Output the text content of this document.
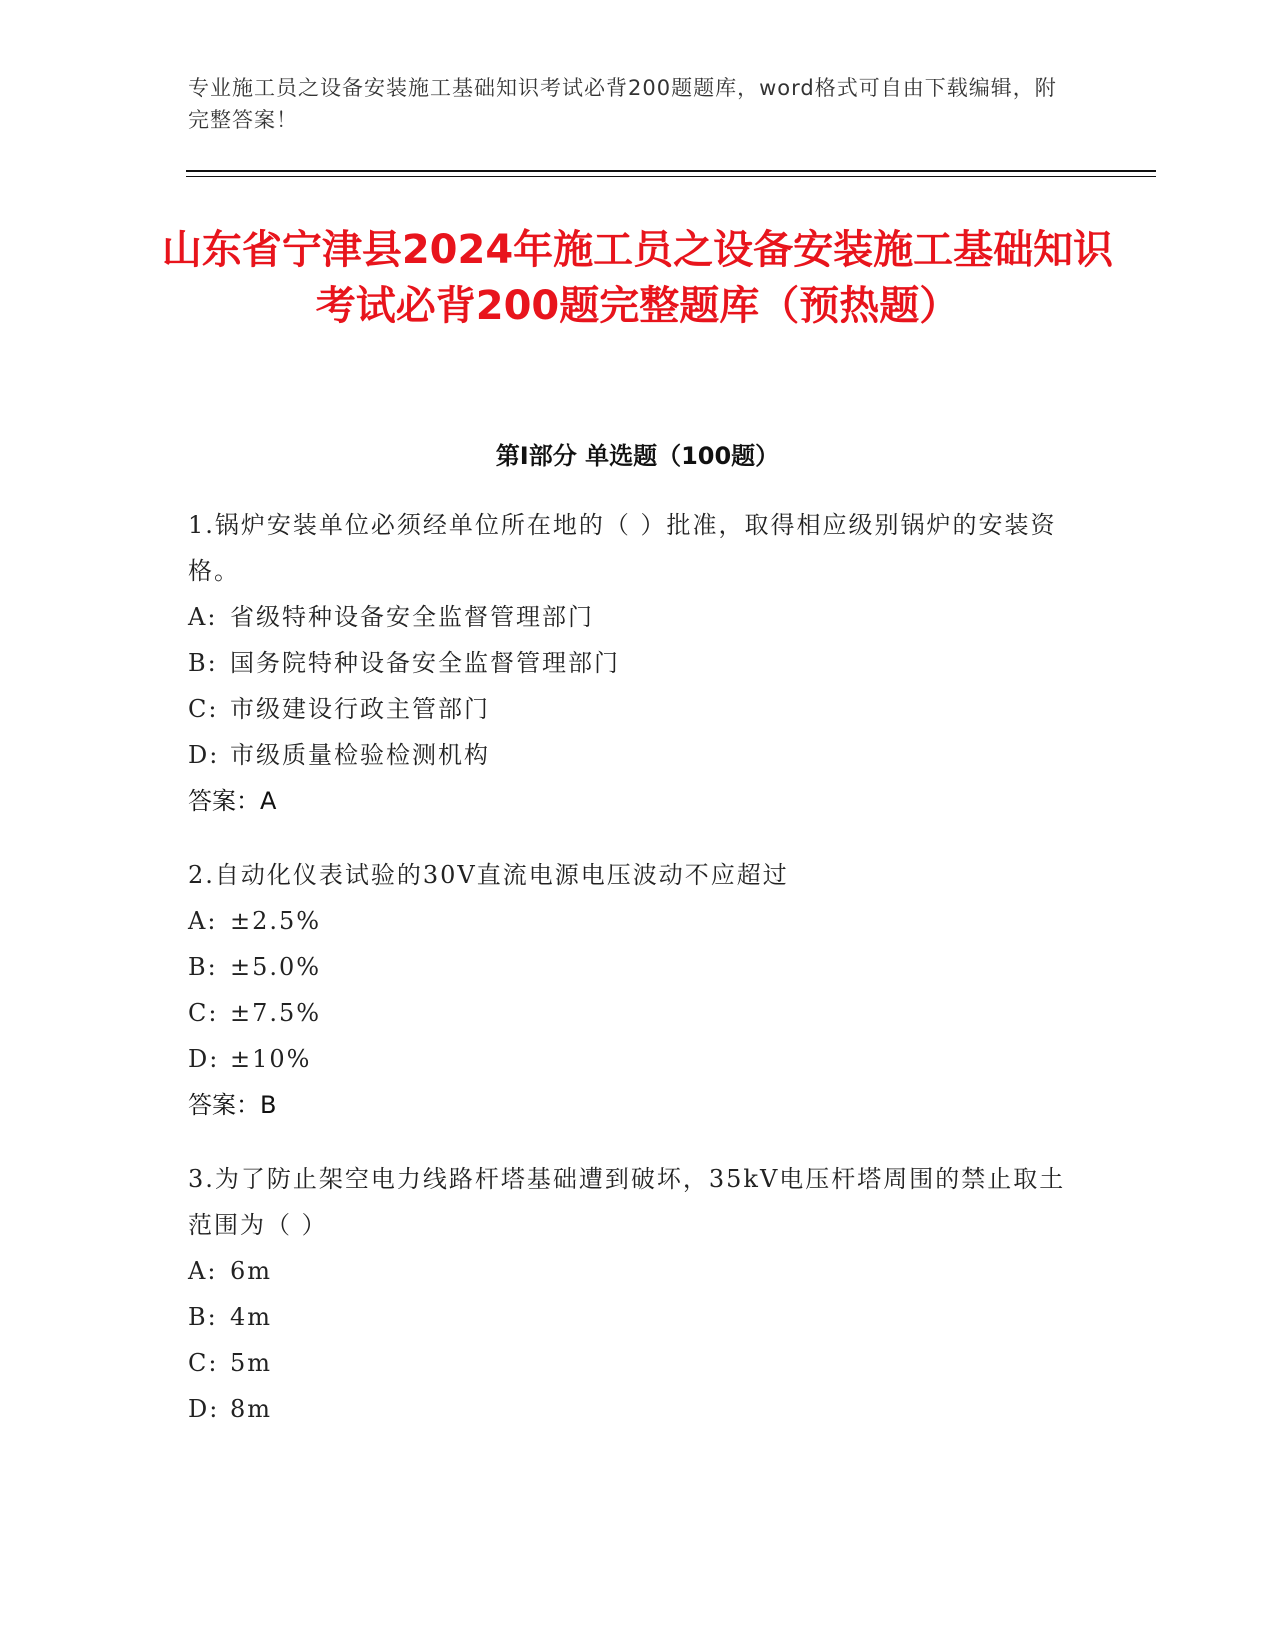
专业施工员之设备安装施工基础知识考试必背200题题库，word格式可自由下载编辑，附完整答案！
山东省宁津县2024年施工员之设备安装施工基础知识考试必背200题完整题库（预热题）
第I部分 单选题（100题）
1.锅炉安装单位必须经单位所在地的（ ）批准，取得相应级别锅炉的安装资格。
A: 省级特种设备安全监督管理部门
B: 国务院特种设备安全监督管理部门
C: 市级建设行政主管部门
D: 市级质量检验检测机构
答案：A
2.自动化仪表试验的30V直流电源电压波动不应超过
A: ±2.5%
B: ±5.0%
C: ±7.5%
D: ±10%
答案：B
3.为了防止架空电力线路杆塔基础遭到破坏，35kV电压杆塔周围的禁止取土范围为（ ）
A: 6m
B: 4m
C: 5m
D: 8m
